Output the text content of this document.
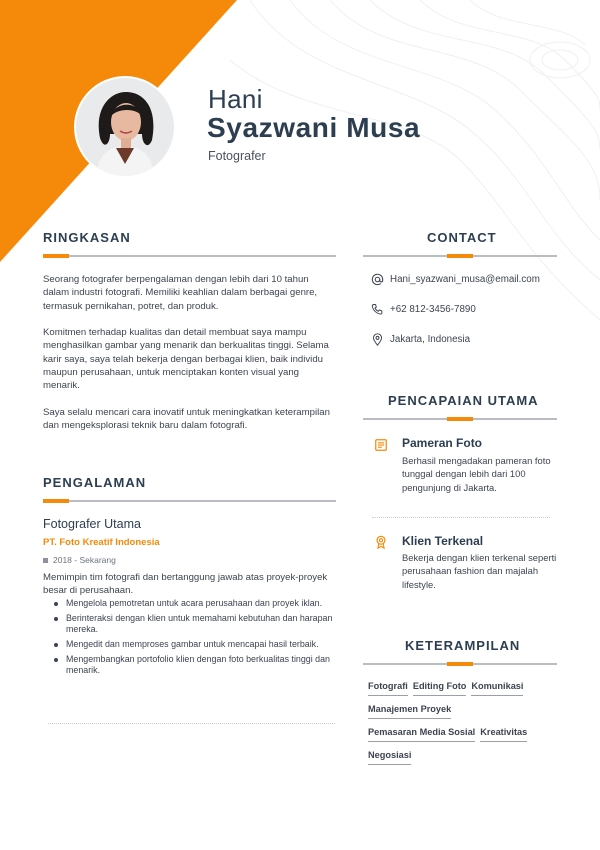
Hani
Syazwani Musa
Fotografer
RINGKASAN
Seorang fotografer berpengalaman dengan lebih dari 10 tahun dalam industri fotografi. Memiliki keahlian dalam berbagai genre, termasuk pernikahan, potret, dan produk.
Komitmen terhadap kualitas dan detail membuat saya mampu menghasilkan gambar yang menarik dan berkualitas tinggi. Selama karir saya, saya telah bekerja dengan berbagai klien, baik individu maupun perusahaan, untuk menciptakan konten visual yang menarik.
Saya selalu mencari cara inovatif untuk meningkatkan keterampilan dan mengeksplorasi teknik baru dalam fotografi.
PENGALAMAN
Fotografer Utama
PT. Foto Kreatif Indonesia
2018 - Sekarang
Memimpin tim fotografi dan bertanggung jawab atas proyek-proyek besar di perusahaan.
Mengelola pemotretan untuk acara perusahaan dan proyek iklan.
Berinteraksi dengan klien untuk memahami kebutuhan dan harapan mereka.
Mengedit dan memproses gambar untuk mencapai hasil terbaik.
Mengembangkan portofolio klien dengan foto berkualitas tinggi dan menarik.
CONTACT
Hani_syazwani_musa@email.com
+62 812-3456-7890
Jakarta, Indonesia
PENCAPAIAN UTAMA
Pameran Foto
Berhasil mengadakan pameran foto tunggal dengan lebih dari 100 pengunjung di Jakarta.
Klien Terkenal
Bekerja dengan klien terkenal seperti perusahaan fashion dan majalah lifestyle.
KETERAMPILAN
Fotografi Editing Foto Komunikasi
Manajemen Proyek
Pemasaran Media Sosial Kreativitas
Negosiasi
